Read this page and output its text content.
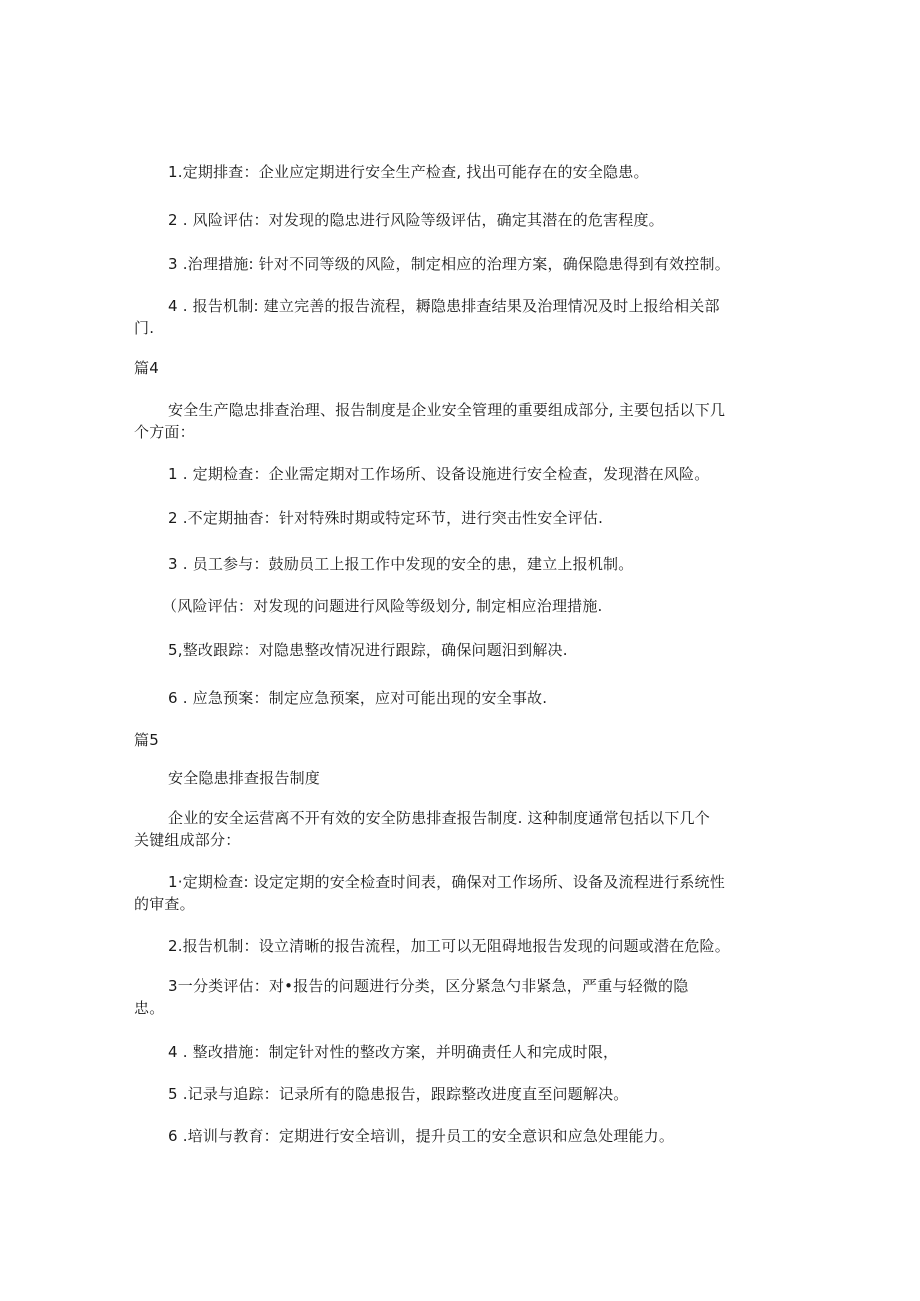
1.定期排查：企业应定期进行安全生产检查, 找出可能存在的安全隐患。
2 . 风险评估：对发现的隐忠进行风险等级评估，确定其潜在的危害程度。
3 .治理措施: 针对不同等级的风险，制定相应的治理方案，确保隐患得到有效控制。
4 . 报告机制: 建立完善的报告流程，耨隐患排查结果及治理情况及时上报给相关部
门.
篇4
安全生产隐忠排查治理、报告制度是企业安全管理的重要组成部分, 主要包括以下几
个方面：
1 . 定期检查：企业需定期对工作场所、设备设施进行安全检查，发现潜在风险。
2 .不定期抽杳：针对特殊时期或特定环节，进行突击性安全评估.
3 . 员工参与：鼓励员工上报工作中发现的安全的患，建立上报机制。
（风险评估：对发现的问题进行风险等级划分, 制定相应治理措施.
5,整改跟踪：对隐患整改情况进行跟踪，确保问题汨到解决.
6 . 应急预案：制定应急预案，应对可能出现的安全事故.
篇5
安全隐患排查报告制度
企业的安全运营离不开有效的安全防患排查报告制度. 这种制度通常包括以下几个
关键组成部分：
1·定期检查: 设定定期的安全检查时间表，确保对工作场所、设备及流程进行系统性
的审查。
2.报告机制：设立清晰的报告流程，加工可以无阻碍地报告发现的问题或潜在危险。
3一分类评估：对•报告的问题进行分类，区分紧急勺非紧急，严重与轻微的隐
忠。
4 . 整改措施：制定针对性的整改方案，并明确责任人和完成时限，
5 .记录与追踪：记录所有的隐患报告，跟踪整改进度直至问题解决。
6 .培训与教育：定期进行安全培训，提升员工的安全意识和应急处理能力。
